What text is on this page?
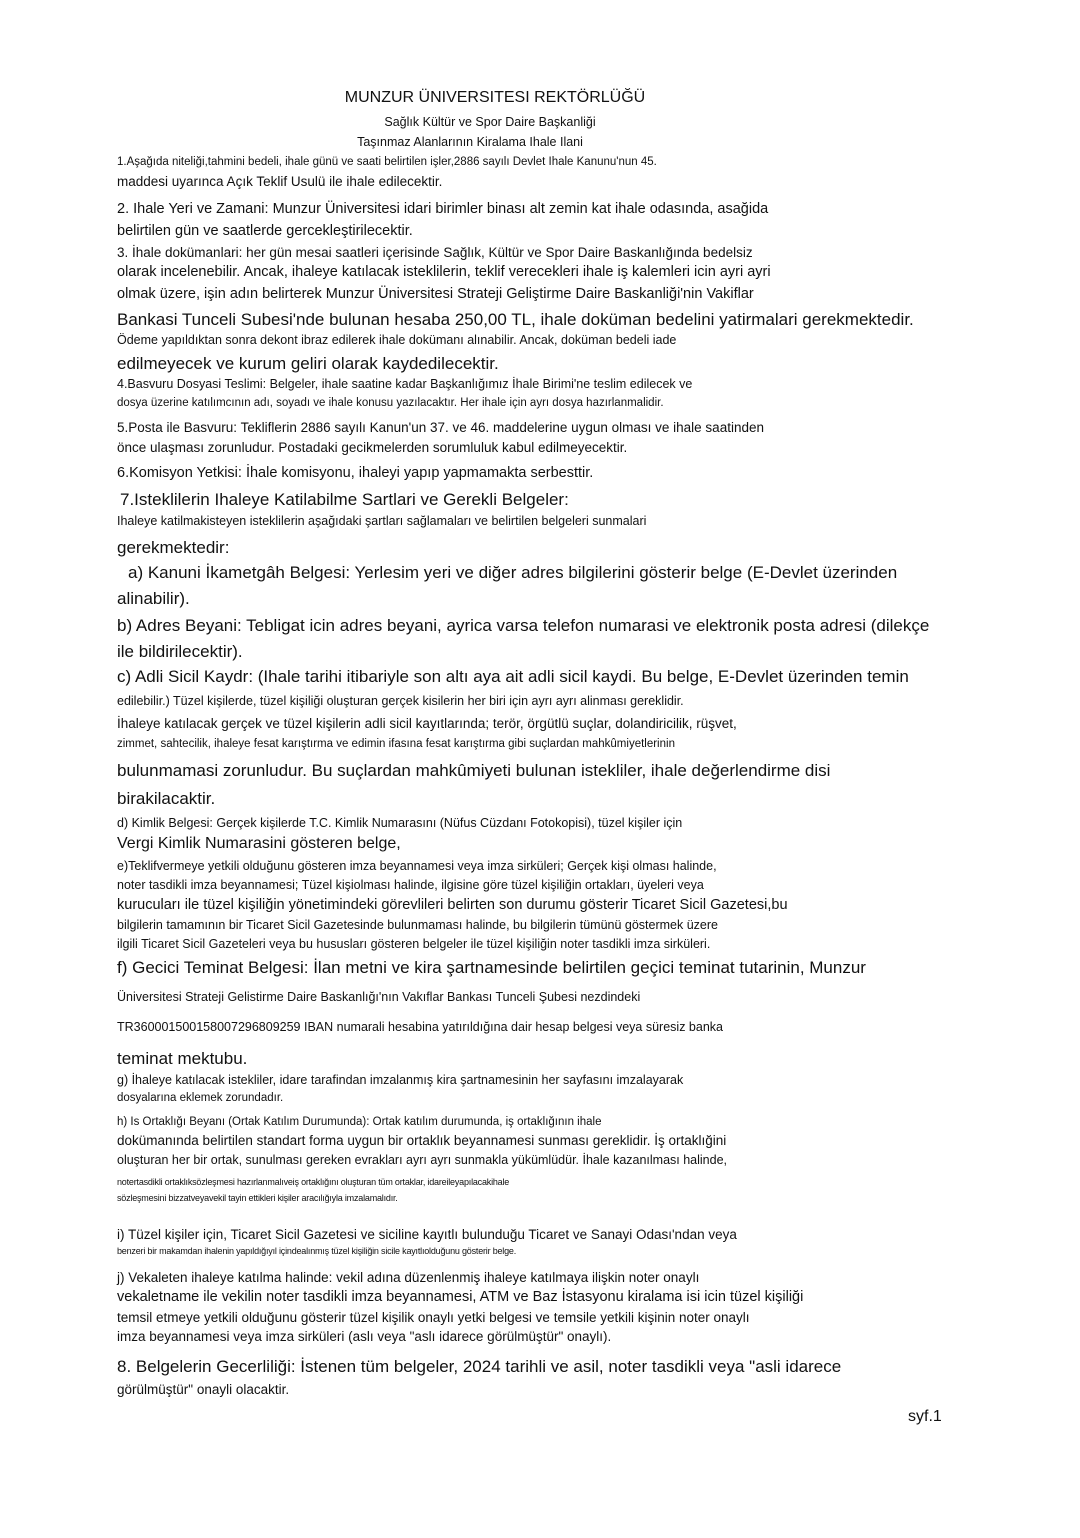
MUNZUR ÜNIVERSITESI REKTÖRLÜĞÜ
Sağlık Kültür ve Spor Daire Başkanliği
Taşınmaz Alanlarının Kiralama Ihale Ilani
1.Aşağıda niteliği,tahmini bedeli, ihale günü ve saati belirtilen işler,2886 sayılı Devlet Ihale Kanunu'nun 45.
maddesi uyarınca Açık Teklif Usulü ile ihale edilecektir.
2. Ihale Yeri ve Zamani: Munzur Üniversitesi idari birimler binası alt zemin kat ihale odasında, asağida
belirtilen gün ve saatlerde gercekleştirilecektir.
3. İhale dokümanlari: her gün mesai saatleri içerisinde Sağlık, Kültür ve Spor Daire Baskanlığında bedelsiz
olarak incelenebilir. Ancak, ihaleye katılacak isteklilerin, teklif verecekleri ihale iş kalemleri icin ayri ayri
olmak üzere, işin adın belirterek Munzur Üniversitesi Strateji Geliştirme Daire Baskanliği'nin Vakiflar
Bankasi Tunceli Subesi'nde bulunan hesaba 250,00 TL, ihale doküman bedelini yatirmalari gerekmektedir.
Ödeme yapıldıktan sonra dekont ibraz edilerek ihale dokümanı alınabilir. Ancak, doküman bedeli iade
edilmeyecek ve kurum geliri olarak kaydedilecektir.
4.Basvuru Dosyasi Teslimi: Belgeler, ihale saatine kadar Başkanlığımız İhale Birimi'ne teslim edilecek ve
dosya üzerine katılımcının adı, soyadı ve ihale konusu yazılacaktır. Her ihale için ayrı dosya hazırlanmalidir.
5.Posta ile Basvuru: Tekliflerin 2886 sayılı Kanun'un 37. ve 46. maddelerine uygun olması ve ihale saatinden
önce ulaşması zorunludur. Postadaki gecikmelerden sorumluluk kabul edilmeyecektir.
6.Komisyon Yetkisi: İhale komisyonu, ihaleyi yapıp yapmamakta serbesttir.
7.Isteklilerin Ihaleye Katilabilme Sartlari ve Gerekli Belgeler:
Ihaleye katilmakisteyen isteklilerin aşağıdaki şartları sağlamaları ve belirtilen belgeleri sunmalari
gerekmektedir:
a) Kanuni İkametgâh Belgesi: Yerlesim yeri ve diğer adres bilgilerini gösterir belge (E-Devlet üzerinden
alinabilir).
b) Adres Beyani: Tebligat icin adres beyani, ayrica varsa telefon numarasi ve elektronik posta adresi (dilekçe
ile bildirilecektir).
c) Adli Sicil Kaydr: (Ihale tarihi itibariyle son altı aya ait adli sicil kaydi. Bu belge, E-Devlet üzerinden temin
edilebilir.) Tüzel kişilerde, tüzel kişiliği oluşturan gerçek kisilerin her biri için ayrı ayrı alinması gereklidir.
İhaleye katılacak gerçek ve tüzel kişilerin adli sicil kayıtlarında; terör, örgütlü suçlar, dolandiricilik, rüşvet,
zimmet, sahtecilik, ihaleye fesat karıştırma ve edimin ifasına fesat karıştırma gibi suçlardan mahkûmiyetlerinin
bulunmamasi zorunludur. Bu suçlardan mahkûmiyeti bulunan istekliler, ihale değerlendirme disi
birakilacaktir.
d) Kimlik Belgesi: Gerçek kişilerde T.C. Kimlik Numarasını (Nüfus Cüzdanı Fotokopisi), tüzel kişiler için
Vergi Kimlik Numarasini gösteren belge,
e)Teklifvermeye yetkili olduğunu gösteren imza beyannamesi veya imza sirküleri; Gerçek kişi olması halinde,
noter tasdikli imza beyannamesi; Tüzel kişiolması halinde, ilgisine göre tüzel kişiliğin ortakları, üyeleri veya
kurucuları ile tüzel kişiliğin yönetimindeki görevlileri belirten son durumu gösterir Ticaret Sicil Gazetesi,bu
bilgilerin tamamının bir Ticaret Sicil Gazetesinde bulunmaması halinde, bu bilgilerin tümünü göstermek üzere
ilgili Ticaret Sicil Gazeteleri veya bu hususları gösteren belgeler ile tüzel kişiliğin noter tasdikli imza sirküleri.
f) Gecici Teminat Belgesi: İlan metni ve kira şartnamesinde belirtilen geçici teminat tutarinin, Munzur
Üniversitesi Strateji Gelistirme Daire Baskanlığı'nın Vakıflar Bankası Tunceli Şubesi nezdindeki
TR360001500158007296809259 IBAN numarali hesabina yatırıldığına dair hesap belgesi veya süresiz banka
teminat mektubu.
g) İhaleye katılacak istekliler, idare tarafindan imzalanmış kira şartnamesinin her sayfasını imzalayarak
dosyalarına eklemek zorundadır.
h) Is Ortaklığı Beyanı (Ortak Katılım Durumunda): Ortak katılım durumunda, iş ortaklığının ihale
dokümanında belirtilen standart forma uygun bir ortaklık beyannamesi sunması gereklidir. İş ortaklığini
oluşturan her bir ortak, sunulması gereken evrakları ayrı ayrı sunmakla yükümlüdür. İhale kazanılması halinde,
notertasdikli ortaklıksözleşmesi hazırlanmalıveiş ortaklığını oluşturan tüm ortaklar, idareileyapılacakihale
sözleşmesini bizzatveyavekil tayin ettikleri kişiler aracılığıyla imzalamalıdır.
i) Tüzel kişiler için, Ticaret Sicil Gazetesi ve siciline kayıtlı bulunduğu Ticaret ve Sanayi Odası'ndan veya
benzeri bir makamdan ihalenin yapıldığıyıl içindealınmış tüzel kişiliğin sicile kayıtlıolduğunu gösterir belge.
j) Vekaleten ihaleye katılma halinde: vekil adına düzenlenmiş ihaleye katılmaya ilişkin noter onaylı
vekaletname ile vekilin noter tasdikli imza beyannamesi, ATM ve Baz İstasyonu kiralama isi icin tüzel kişiliği
temsil etmeye yetkili olduğunu gösterir tüzel kişilik onaylı yetki belgesi ve temsile yetkili kişinin noter onaylı
imza beyannamesi veya imza sirküleri (aslı veya "aslı idarece görülmüştür" onaylı).
8. Belgelerin Gecerliliği: İstenen tüm belgeler, 2024 tarihli ve asil, noter tasdikli veya "asli idarece
görülmüştür" onayli olacaktir.
syf.1
